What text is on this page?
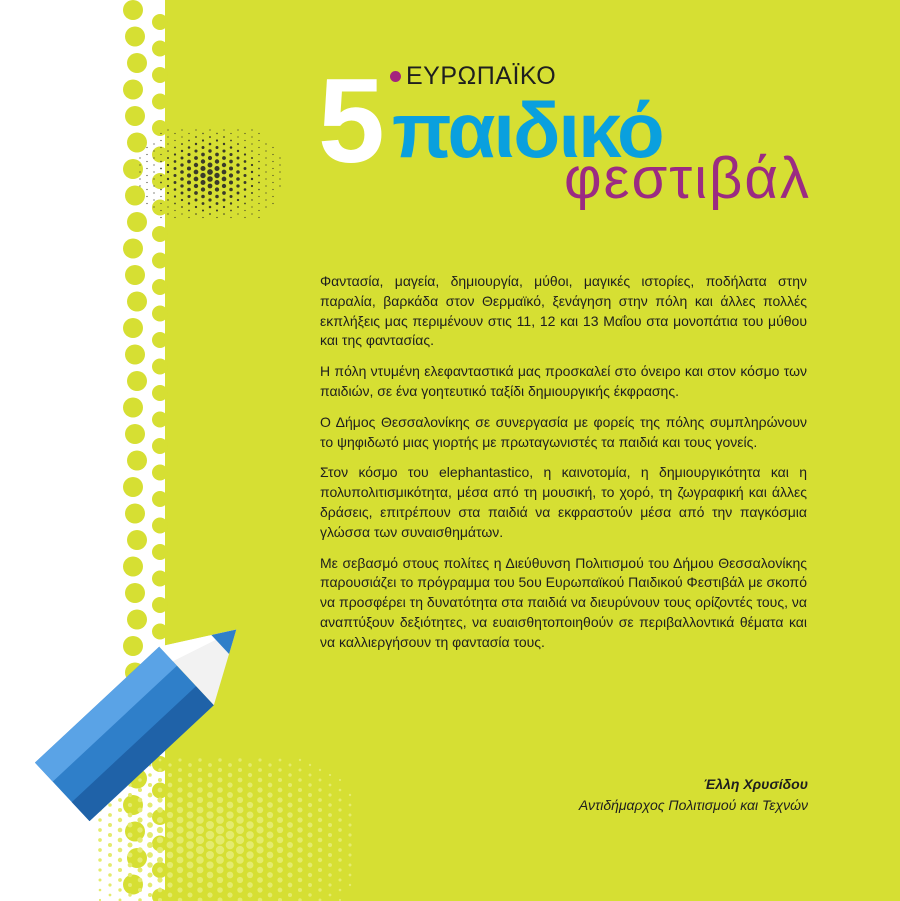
5 ΕΥΡΩΠΑΪΚΟ
παιδικό
φεστιβάλ

Φαντασία, μαγεία, δημιουργία, μύθοι, μαγικές ιστορίες, ποδήλατα στην παραλία, βαρκάδα στον Θερμαϊκό, ξενάγηση στην πόλη και άλλες πολλές εκπλήξεις μας περιμένουν στις 11, 12 και 13 Μαΐου στα μονοπάτια του μύθου και της φαντασίας.

Η πόλη ντυμένη ελεφανταστικά μας προσκαλεί στο όνειρο και στον κόσμο των παιδιών, σε ένα γοητευτικό ταξίδι δημιουργικής έκφρασης.

Ο Δήμος Θεσσαλονίκης σε συνεργασία με φορείς της πόλης συμπληρώνουν το ψηφιδωτό μιας γιορτής με πρωταγωνιστές τα παιδιά και τους γονείς.

Στον κόσμο του elephantastico, η καινοτομία, η δημιουργικότητα και η πολυπολιτισμικότητα, μέσα από τη μουσική, το χορό, τη ζωγραφική και άλλες δράσεις, επιτρέπουν στα παιδιά να εκφραστούν μέσα από την παγκόσμια γλώσσα των συναισθημάτων.

Με σεβασμό στους πολίτες η Διεύθυνση Πολιτισμού του Δήμου Θεσσαλονίκης παρουσιάζει το πρόγραμμα του 5ου Ευρωπαϊκού Παιδικού Φεστιβάλ με σκοπό να προσφέρει τη δυνατότητα στα παιδιά να διευρύνουν τους ορίζοντές τους, να αναπτύξουν δεξιότητες, να ευαισθητοποιηθούν σε περιβαλλοντικά θέματα και να καλλιεργήσουν τη φαντασία τους.

Έλλη Χρυσίδου
Αντιδήμαρχος Πολιτισμού και Τεχνών
